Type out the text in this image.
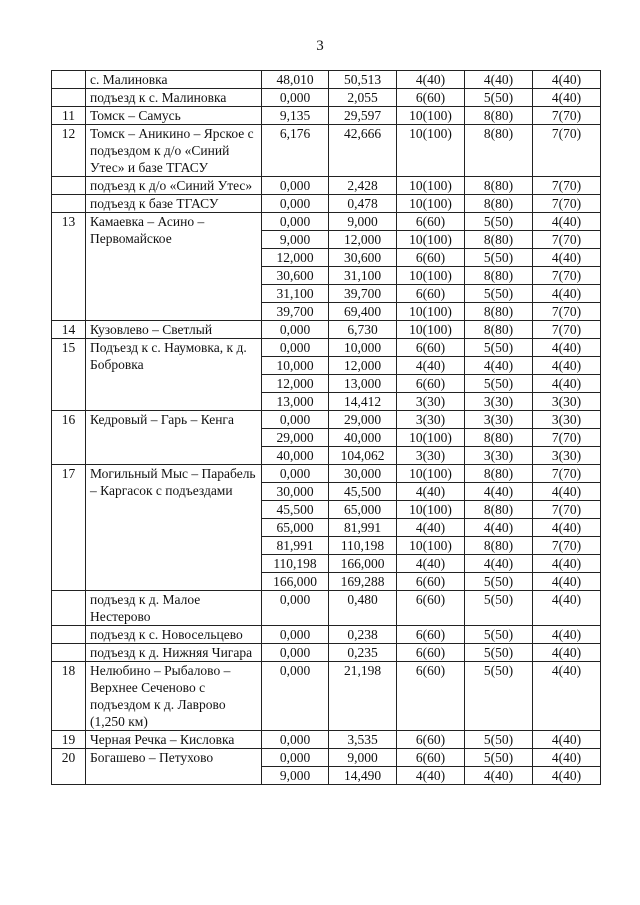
3
	с. Малиновка	48,010	50,513	4(40)	4(40)	4(40)
	подъезд к с. Малиновка	0,000	2,055	6(60)	5(50)	4(40)
11	Томск – Самусь	9,135	29,597	10(100)	8(80)	7(70)
12	Томск – Аникино – Ярское с подъездом к д/о «Синий Утес» и базе ТГАСУ	6,176	42,666	10(100)	8(80)	7(70)
	подъезд к д/о «Синий Утес»	0,000	2,428	10(100)	8(80)	7(70)
	подъезд к базе ТГАСУ	0,000	0,478	10(100)	8(80)	7(70)
13	Камаевка – Асино – Первомайское	0,000	9,000	6(60)	5(50)	4(40)
		9,000	12,000	10(100)	8(80)	7(70)
		12,000	30,600	6(60)	5(50)	4(40)
		30,600	31,100	10(100)	8(80)	7(70)
		31,100	39,700	6(60)	5(50)	4(40)
		39,700	69,400	10(100)	8(80)	7(70)
14	Кузовлево – Светлый	0,000	6,730	10(100)	8(80)	7(70)
15	Подъезд к с. Наумовка, к д. Бобровка	0,000	10,000	6(60)	5(50)	4(40)
		10,000	12,000	4(40)	4(40)	4(40)
		12,000	13,000	6(60)	5(50)	4(40)
		13,000	14,412	3(30)	3(30)	3(30)
16	Кедровый – Гарь – Кенга	0,000	29,000	3(30)	3(30)	3(30)
		29,000	40,000	10(100)	8(80)	7(70)
		40,000	104,062	3(30)	3(30)	3(30)
17	Могильный Мыс – Парабель – Каргасок с подъездами	0,000	30,000	10(100)	8(80)	7(70)
		30,000	45,500	4(40)	4(40)	4(40)
		45,500	65,000	10(100)	8(80)	7(70)
		65,000	81,991	4(40)	4(40)	4(40)
		81,991	110,198	10(100)	8(80)	7(70)
		110,198	166,000	4(40)	4(40)	4(40)
		166,000	169,288	6(60)	5(50)	4(40)
	подъезд к д. Малое Нестерово	0,000	0,480	6(60)	5(50)	4(40)
	подъезд к с. Новосельцево	0,000	0,238	6(60)	5(50)	4(40)
	подъезд к д. Нижняя Чигара	0,000	0,235	6(60)	5(50)	4(40)
18	Нелюбино – Рыбалово – Верхнее Сеченово с подъездом к д. Лаврово (1,250 км)	0,000	21,198	6(60)	5(50)	4(40)
19	Черная Речка – Кисловка	0,000	3,535	6(60)	5(50)	4(40)
20	Богашево – Петухово	0,000	9,000	6(60)	5(50)	4(40)
		9,000	14,490	4(40)	4(40)	4(40)
